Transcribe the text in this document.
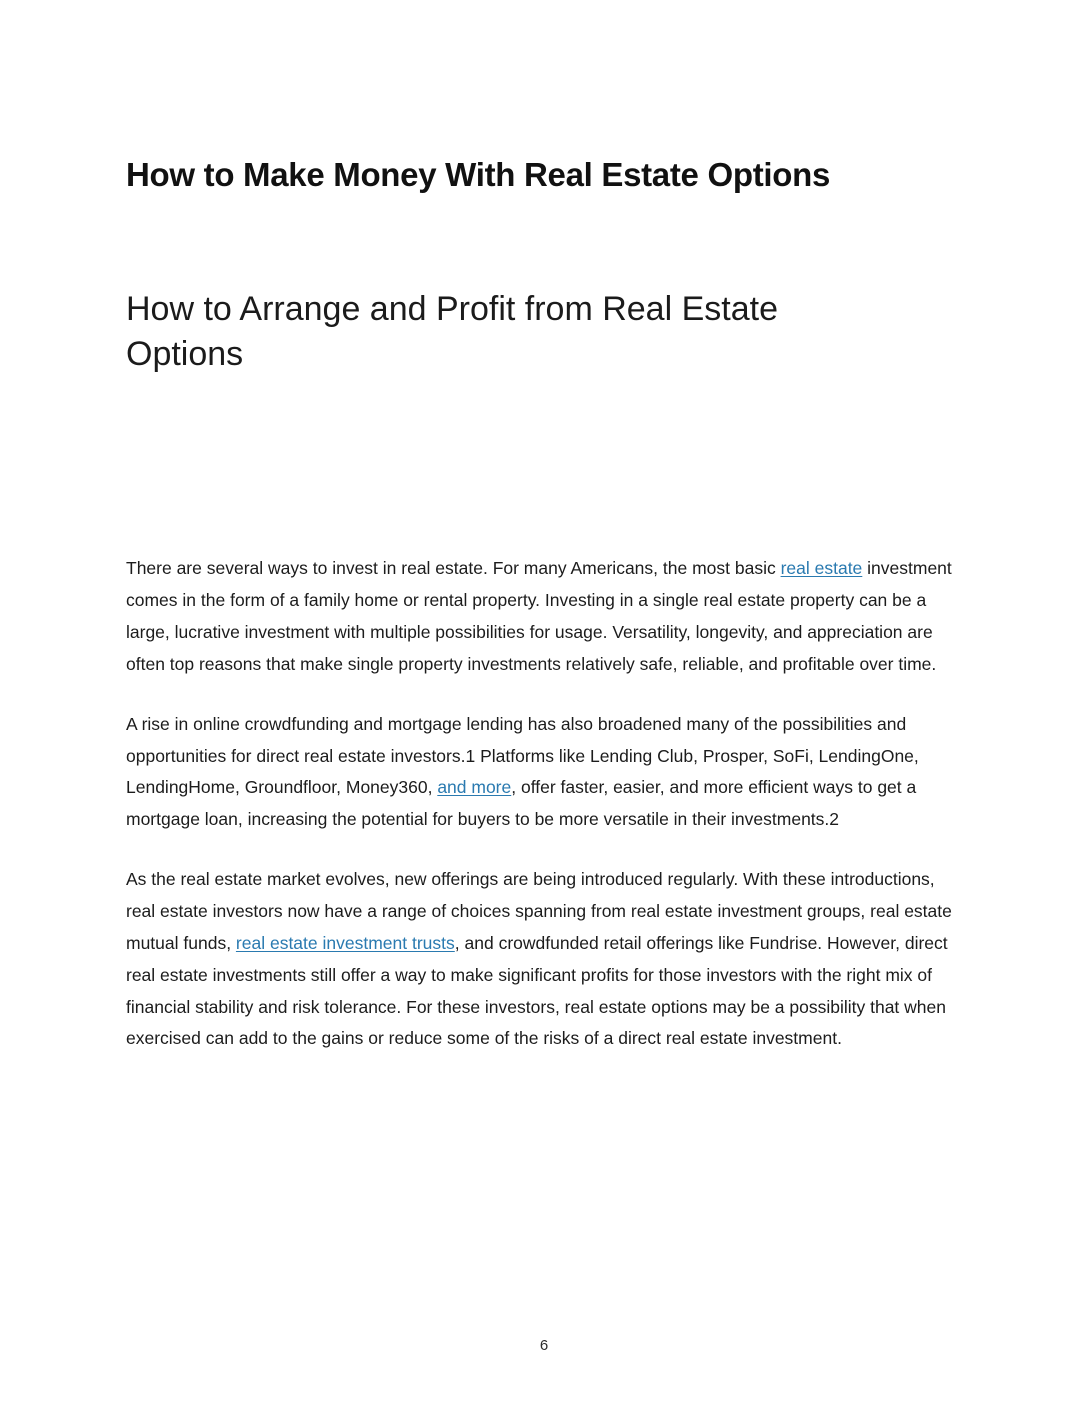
How to Make Money With Real Estate Options
How to Arrange and Profit from Real Estate Options

There are several ways to invest in real estate. For many Americans, the most basic real estate investment comes in the form of a family home or rental property. Investing in a single real estate property can be a large, lucrative investment with multiple possibilities for usage. Versatility, longevity, and appreciation are often top reasons that make single property investments relatively safe, reliable, and profitable over time.

A rise in online crowdfunding and mortgage lending has also broadened many of the possibilities and opportunities for direct real estate investors.1 Platforms like Lending Club, Prosper, SoFi, LendingOne, LendingHome, Groundfloor, Money360, and more, offer faster, easier, and more efficient ways to get a mortgage loan, increasing the potential for buyers to be more versatile in their investments.2

As the real estate market evolves, new offerings are being introduced regularly. With these introductions, real estate investors now have a range of choices spanning from real estate investment groups, real estate mutual funds, real estate investment trusts, and crowdfunded retail offerings like Fundrise. However, direct real estate investments still offer a way to make significant profits for those investors with the right mix of financial stability and risk tolerance. For these investors, real estate options may be a possibility that when exercised can add to the gains or reduce some of the risks of a direct real estate investment.

6
